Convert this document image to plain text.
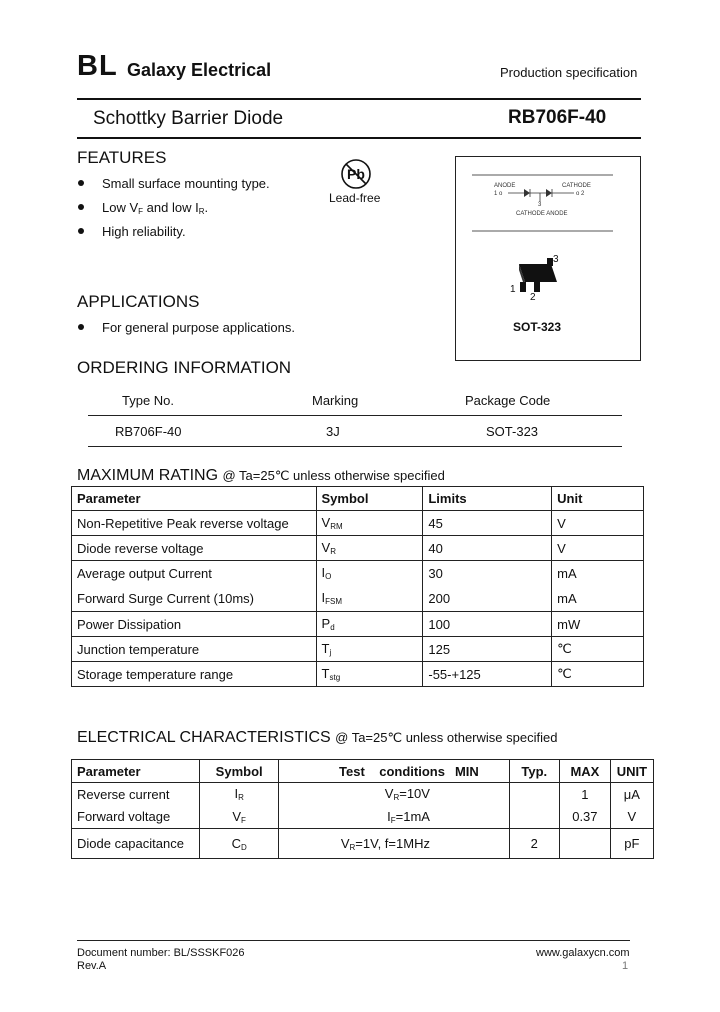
BL Galaxy Electrical	Production specification
Schottky Barrier Diode	RB706F-40
FEATURES
Small surface mounting type.
Low $V_F$ and low $I_R$.
High reliability.
Pb
Lead-free
ANODE	CATHODE
1 o	o 2
3
CATHODE ANODE
3
1
2
SOT-323
APPLICATIONS
For general purpose applications.
ORDERING INFORMATION
Type No.	Marking	Package Code
RB706F-40	3J	SOT-323
MAXIMUM RATING @ Ta=25℃ unless otherwise specified
Parameter	Symbol	Limits	Unit
Non-Repetitive Peak reverse voltage	$V_{RM}$	45	V
Diode reverse voltage	$V_R$	40	V
Average output Current	$I_O$	30	mA
Forward Surge Current (10ms)	$I_{FSM}$	200	mA
Power Dissipation	$P_d$	100	mW
Junction temperature	$T_j$	125	℃
Storage temperature range	$T_{stg}$	-55-+125	℃
ELECTRICAL CHARACTERISTICS @ Ta=25℃ unless otherwise specified
Parameter	Symbol	Test    conditions	MIN	Typ.	MAX	UNIT
Reverse current	$I_R$	$V_R=10V$			1	μA
Forward voltage	$V_F$	$I_F=1mA$			0.37	V
Diode capacitance	$C_D$	$V_R=1V$, f=1MHz		2		pF
Document number: BL/SSSKF026
Rev.A
www.galaxycn.com
1
